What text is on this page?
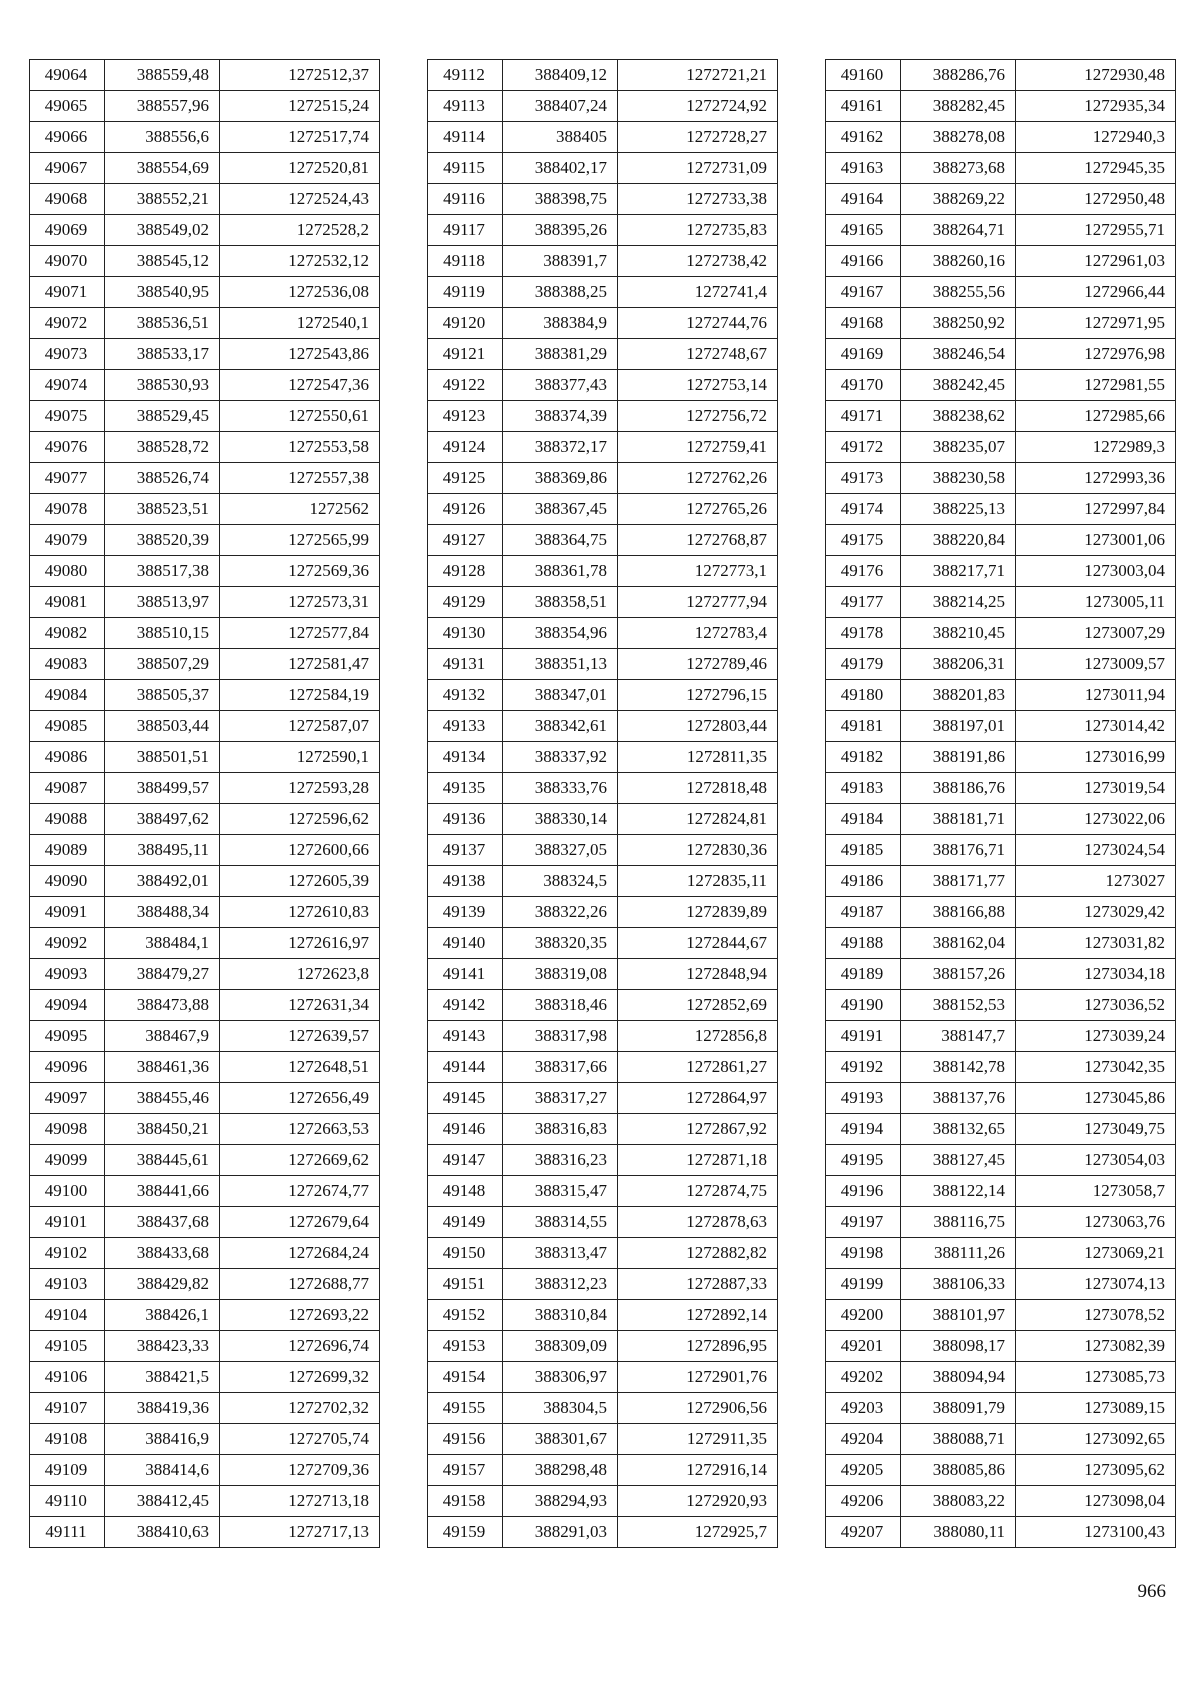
49064	388559,48	1272512,37
49065	388557,96	1272515,24
49066	388556,6	1272517,74
49067	388554,69	1272520,81
49068	388552,21	1272524,43
49069	388549,02	1272528,2
49070	388545,12	1272532,12
49071	388540,95	1272536,08
49072	388536,51	1272540,1
49073	388533,17	1272543,86
49074	388530,93	1272547,36
49075	388529,45	1272550,61
49076	388528,72	1272553,58
49077	388526,74	1272557,38
49078	388523,51	1272562
49079	388520,39	1272565,99
49080	388517,38	1272569,36
49081	388513,97	1272573,31
49082	388510,15	1272577,84
49083	388507,29	1272581,47
49084	388505,37	1272584,19
49085	388503,44	1272587,07
49086	388501,51	1272590,1
49087	388499,57	1272593,28
49088	388497,62	1272596,62
49089	388495,11	1272600,66
49090	388492,01	1272605,39
49091	388488,34	1272610,83
49092	388484,1	1272616,97
49093	388479,27	1272623,8
49094	388473,88	1272631,34
49095	388467,9	1272639,57
49096	388461,36	1272648,51
49097	388455,46	1272656,49
49098	388450,21	1272663,53
49099	388445,61	1272669,62
49100	388441,66	1272674,77
49101	388437,68	1272679,64
49102	388433,68	1272684,24
49103	388429,82	1272688,77
49104	388426,1	1272693,22
49105	388423,33	1272696,74
49106	388421,5	1272699,32
49107	388419,36	1272702,32
49108	388416,9	1272705,74
49109	388414,6	1272709,36
49110	388412,45	1272713,18
49111	388410,63	1272717,13
49112	388409,12	1272721,21
49113	388407,24	1272724,92
49114	388405	1272728,27
49115	388402,17	1272731,09
49116	388398,75	1272733,38
49117	388395,26	1272735,83
49118	388391,7	1272738,42
49119	388388,25	1272741,4
49120	388384,9	1272744,76
49121	388381,29	1272748,67
49122	388377,43	1272753,14
49123	388374,39	1272756,72
49124	388372,17	1272759,41
49125	388369,86	1272762,26
49126	388367,45	1272765,26
49127	388364,75	1272768,87
49128	388361,78	1272773,1
49129	388358,51	1272777,94
49130	388354,96	1272783,4
49131	388351,13	1272789,46
49132	388347,01	1272796,15
49133	388342,61	1272803,44
49134	388337,92	1272811,35
49135	388333,76	1272818,48
49136	388330,14	1272824,81
49137	388327,05	1272830,36
49138	388324,5	1272835,11
49139	388322,26	1272839,89
49140	388320,35	1272844,67
49141	388319,08	1272848,94
49142	388318,46	1272852,69
49143	388317,98	1272856,8
49144	388317,66	1272861,27
49145	388317,27	1272864,97
49146	388316,83	1272867,92
49147	388316,23	1272871,18
49148	388315,47	1272874,75
49149	388314,55	1272878,63
49150	388313,47	1272882,82
49151	388312,23	1272887,33
49152	388310,84	1272892,14
49153	388309,09	1272896,95
49154	388306,97	1272901,76
49155	388304,5	1272906,56
49156	388301,67	1272911,35
49157	388298,48	1272916,14
49158	388294,93	1272920,93
49159	388291,03	1272925,7
49160	388286,76	1272930,48
49161	388282,45	1272935,34
49162	388278,08	1272940,3
49163	388273,68	1272945,35
49164	388269,22	1272950,48
49165	388264,71	1272955,71
49166	388260,16	1272961,03
49167	388255,56	1272966,44
49168	388250,92	1272971,95
49169	388246,54	1272976,98
49170	388242,45	1272981,55
49171	388238,62	1272985,66
49172	388235,07	1272989,3
49173	388230,58	1272993,36
49174	388225,13	1272997,84
49175	388220,84	1273001,06
49176	388217,71	1273003,04
49177	388214,25	1273005,11
49178	388210,45	1273007,29
49179	388206,31	1273009,57
49180	388201,83	1273011,94
49181	388197,01	1273014,42
49182	388191,86	1273016,99
49183	388186,76	1273019,54
49184	388181,71	1273022,06
49185	388176,71	1273024,54
49186	388171,77	1273027
49187	388166,88	1273029,42
49188	388162,04	1273031,82
49189	388157,26	1273034,18
49190	388152,53	1273036,52
49191	388147,7	1273039,24
49192	388142,78	1273042,35
49193	388137,76	1273045,86
49194	388132,65	1273049,75
49195	388127,45	1273054,03
49196	388122,14	1273058,7
49197	388116,75	1273063,76
49198	388111,26	1273069,21
49199	388106,33	1273074,13
49200	388101,97	1273078,52
49201	388098,17	1273082,39
49202	388094,94	1273085,73
49203	388091,79	1273089,15
49204	388088,71	1273092,65
49205	388085,86	1273095,62
49206	388083,22	1273098,04
49207	388080,11	1273100,43
966
